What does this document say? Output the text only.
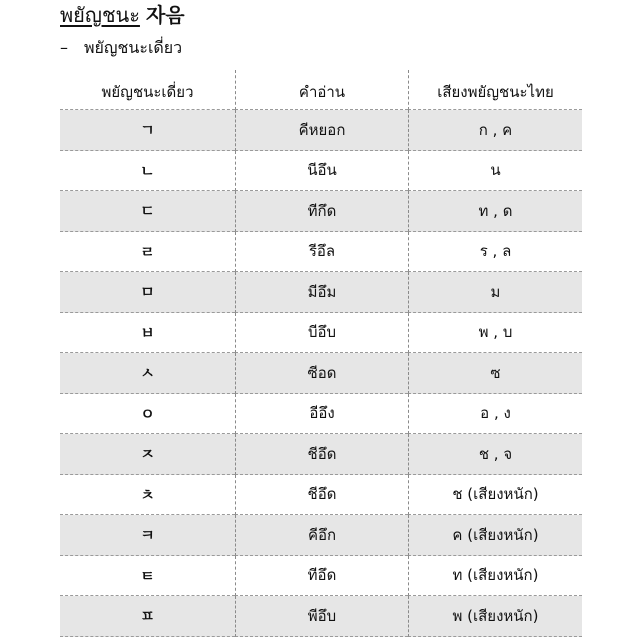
พยัญชนะ 자음
– พยัญชนะเดี่ยว
พยัญชนะเดี่ยว	คำอ่าน	เสียงพยัญชนะไทย
ㄱ	คีหยอก	ก , ค
ㄴ	นีอึน	น
ㄷ	ทีกึด	ท , ด
ㄹ	รีอึล	ร , ล
ㅁ	มีอึม	ม
ㅂ	บีอึบ	พ , บ
ㅅ	ซีอด	ซ
ㅇ	อีอึง	อ , ง
ㅈ	ชีอึด	ช , จ
ㅊ	ชีอึด	ช (เสียงหนัก)
ㅋ	คีอึก	ค (เสียงหนัก)
ㅌ	ทีอึด	ท (เสียงหนัก)
ㅍ	พีอึบ	พ (เสียงหนัก)
